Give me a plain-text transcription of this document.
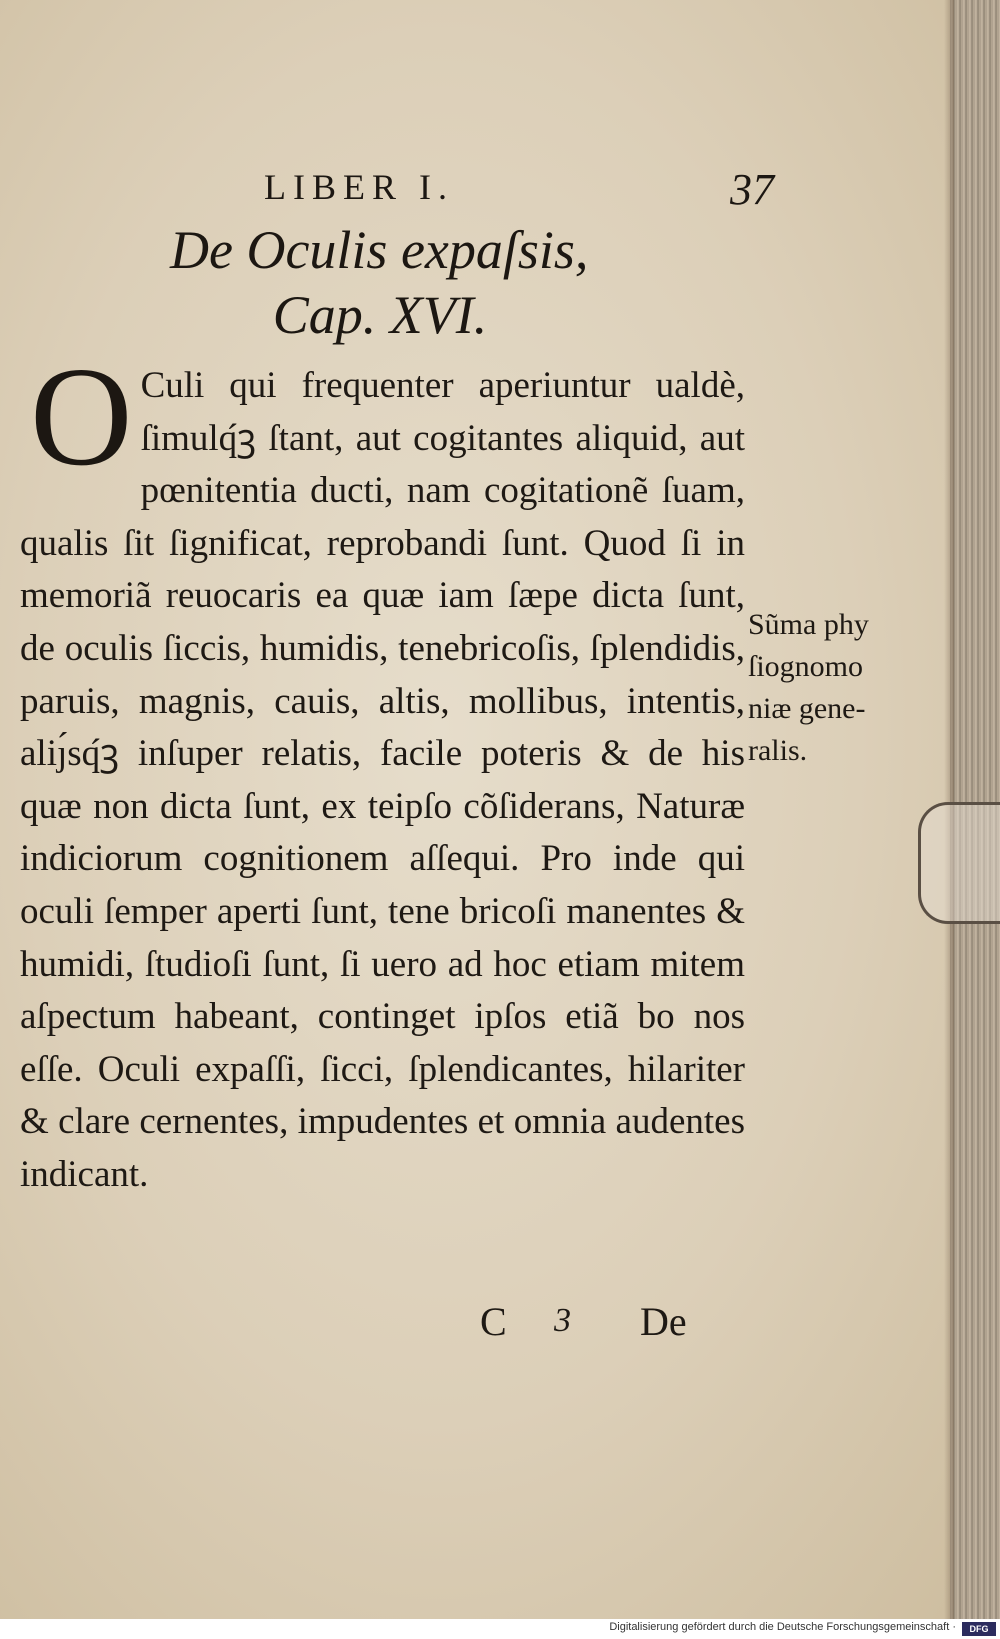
LIBER I.	37
De Oculis expaſsis,
Cap. XVI.
O Culi qui frequenter aperiuntur ualdè, ſimulq́ꝫ ſtant, aut cogitantes aliquid, aut pœnitentia ducti, nam cogitationẽ ſuam, qualis ſit ſignificat, reprobandi ſunt. Quod ſi in memoriã reuocaris ea quæ iam ſæpe dicta ſunt, de oculis ſiccis, humidis, tenebricoſis, ſplendidis, paruis, magnis, cauis, altis, mollibus, intentis, aliȷ́sq́ꝫ inſuper relatis, facile poteris & de his quæ non dicta ſunt, ex teipſo cõſiderans, Naturæ indiciorum cognitionem aſſequi. Pro inde qui oculi ſemper aperti ſunt, tene bricoſi manentes & humidi, ſtudioſi ſunt, ſi uero ad hoc etiam mitem aſpectum habeant, continget ipſos etiã bo nos eſſe. Oculi expaſſi, ſicci, ſplendicantes, hilariter & clare cernentes, impudentes et omnia audentes indicant.
Sũma phy
ſiognomo
niæ gene-
ralis.
C 3 De
Digitalisierung gefördert durch die Deutsche Forschungsgemeinschaft ·	DFG
